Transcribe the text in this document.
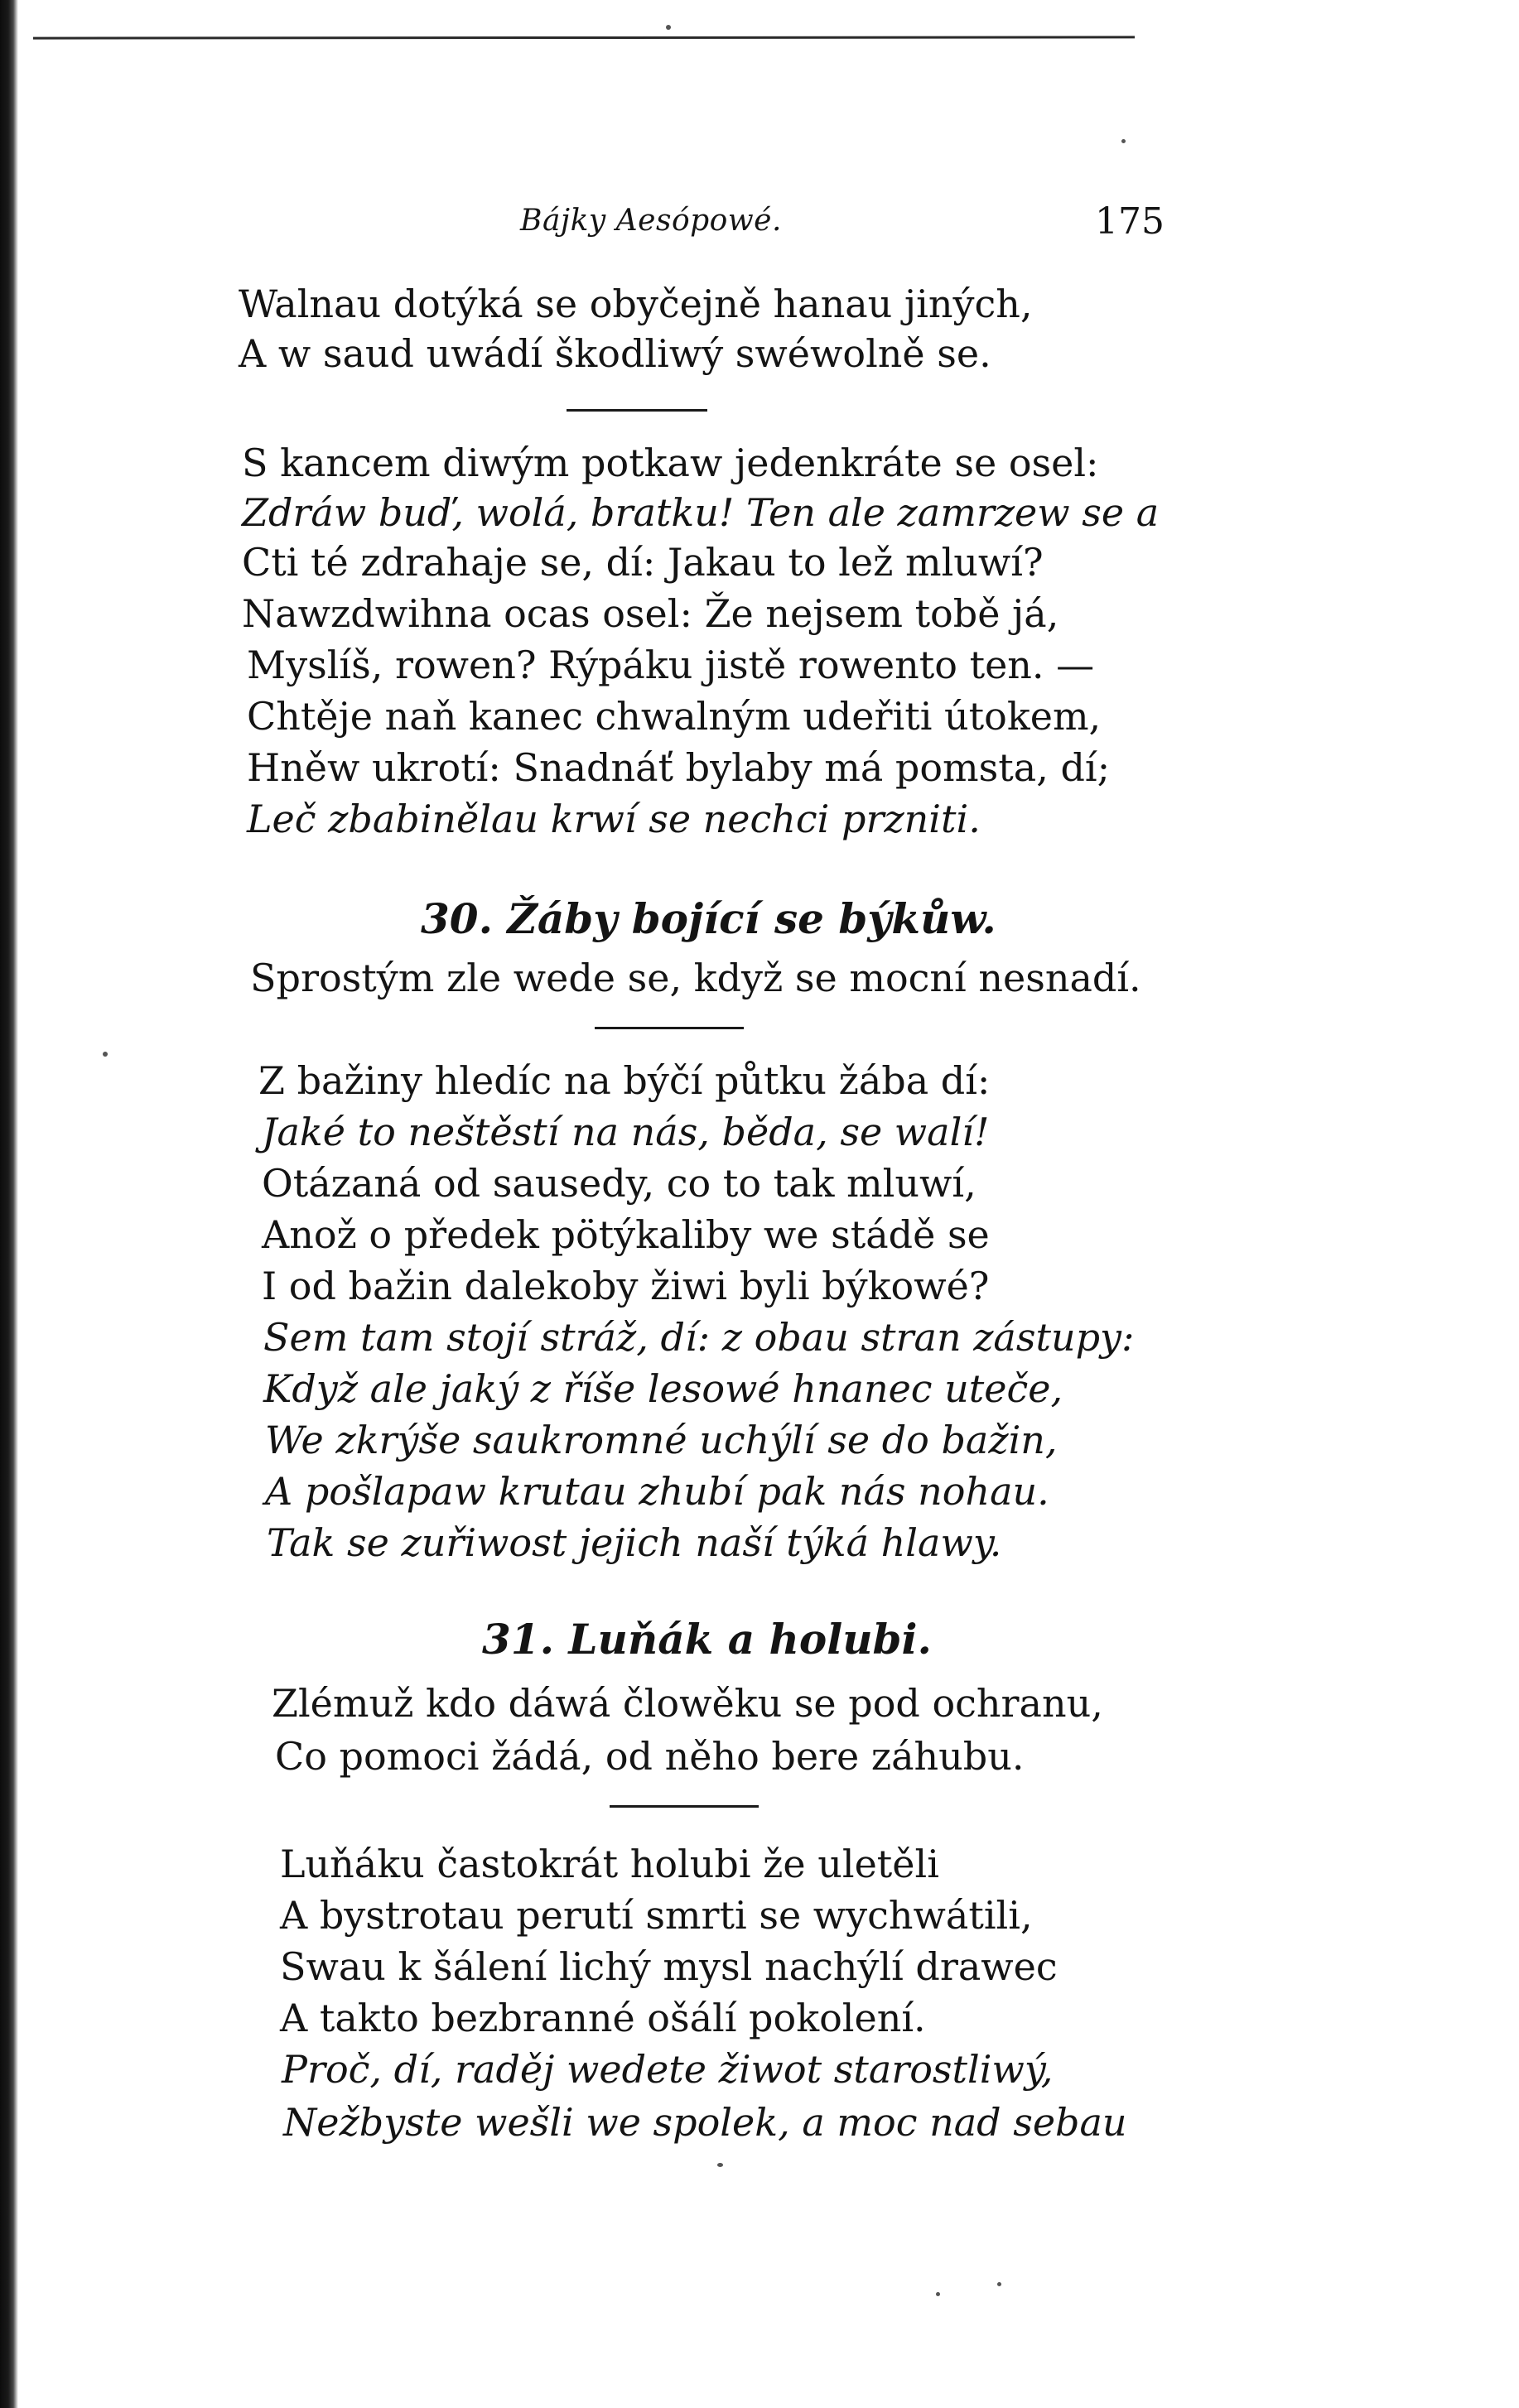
Bájky Aesópowé.	175
Walnau dotýká se obyčejně hanau jiných,
A w saud uwádí škodliwý swéwolně se.
S kancem diwým potkaw jedenkráte se osel:
Zdráw buď, wolá, bratku! Ten ale zamrzew se a
Cti té zdrahaje se, dí: Jakau to lež mluwí?
Nawzdwihna ocas osel: Že nejsem tobě já,
Myslíš, rowen? Rýpáku jistě rowento ten. —
Chtěje naň kanec chwalným udeřiti útokem,
Hněw ukrotí: Snadnáť bylaby má pomsta, dí;
Leč zbabinělau krwí se nechci przniti.
30. Žáby bojící se býkůw.
Sprostým zle wede se, když se mocní nesnadí.
Z bažiny hledíc na býčí půtku žába dí:
Jaké to neštěstí na nás, běda, se walí!
Otázaná od sausedy, co to tak mluwí,
Anož o předek pötýkaliby we stádě se
I od bažin dalekoby žiwi byli býkowé?
Sem tam stojí stráž, dí: z obau stran zástupy:
Když ale jaký z říše lesowé hnanec uteče,
We zkrýše saukromné uchýlí se do bažin,
A pošlapaw krutau zhubí pak nás nohau.
Tak se zuřiwost jejich naší týká hlawy.
31. Luňák a holubi.
Zlémuž kdo dáwá člowěku se pod ochranu,
Co pomoci žádá, od něho bere záhubu.
Luňáku častokrát holubi že uletěli
A bystrotau perutí smrti se wychwátili,
Swau k šálení lichý mysl nachýlí drawec
A takto bezbranné ošálí pokolení.
Proč, dí, raděj wedete žiwot starostliwý,
Nežbyste wešli we spolek, a moc nad sebau
